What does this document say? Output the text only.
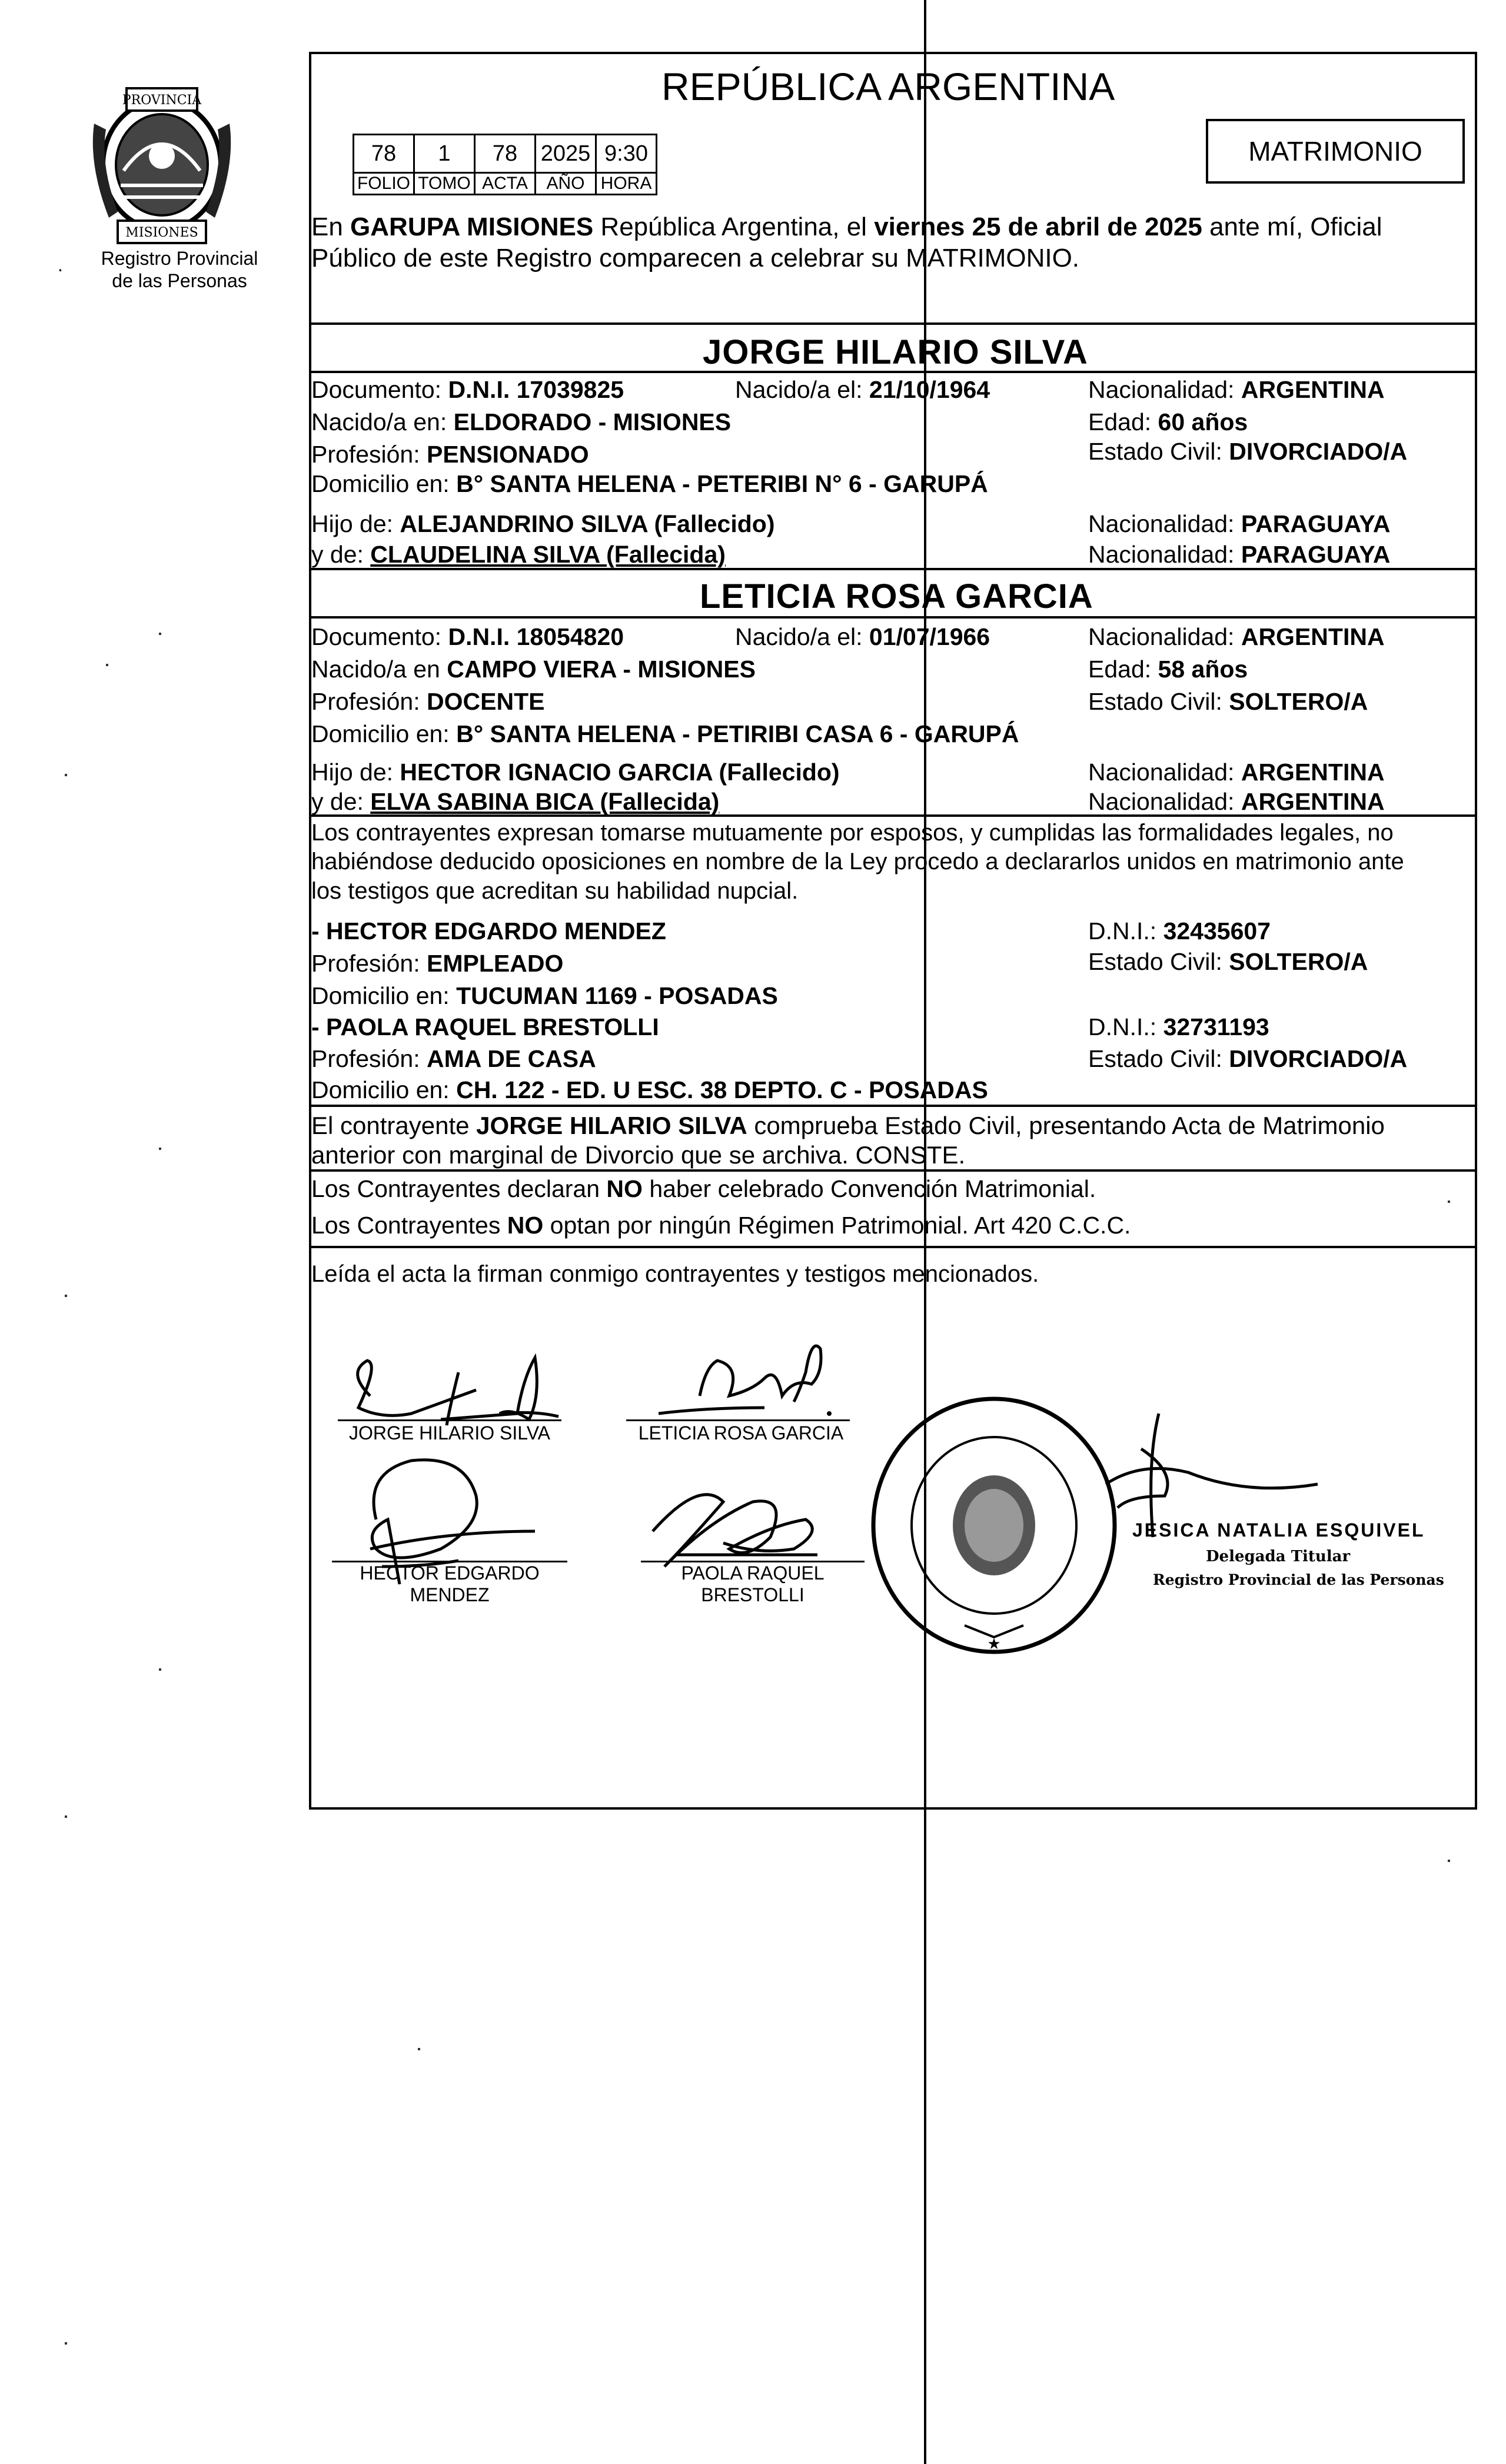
PROVINCIA
MISIONES
Registro Provincial
de las Personas
.
REPÚBLICA ARGENTINA
78	1	78	2025	9:30
FOLIO	TOMO	ACTA	AÑO	HORA
MATRIMONIO
En GARUPA MISIONES República Argentina, el viernes 25 de abril de 2025 ante mí, Oficial
Público de este Registro comparecen a celebrar su MATRIMONIO.
JORGE HILARIO SILVA
Documento: D.N.I. 17039825	Nacido/a el: 21/10/1964	Nacionalidad: ARGENTINA
Nacido/a en: ELDORADO - MISIONES	Edad: 60 años
Profesión: PENSIONADO	Estado Civil: DIVORCIADO/A
Domicilio en: B° SANTA HELENA - PETERIBI N° 6 - GARUPÁ
Hijo de: ALEJANDRINO SILVA (Fallecido)	Nacionalidad: PARAGUAYA
y de: CLAUDELINA SILVA (Fallecida)	Nacionalidad: PARAGUAYA
LETICIA ROSA GARCIA
Documento: D.N.I. 18054820	Nacido/a el: 01/07/1966	Nacionalidad: ARGENTINA
Nacido/a en CAMPO VIERA - MISIONES	Edad: 58 años
Profesión: DOCENTE	Estado Civil: SOLTERO/A
Domicilio en: B° SANTA HELENA - PETIRIBI CASA 6 - GARUPÁ
Hijo de: HECTOR IGNACIO GARCIA (Fallecido)	Nacionalidad: ARGENTINA
y de: ELVA SABINA BICA (Fallecida)	Nacionalidad: ARGENTINA
Los contrayentes expresan tomarse mutuamente por esposos, y cumplidas las formalidades legales, no
habiéndose deducido oposiciones en nombre de la Ley procedo a declararlos unidos en matrimonio ante
los testigos que acreditan su habilidad nupcial.
- HECTOR EDGARDO MENDEZ	D.N.I.: 32435607
Profesión: EMPLEADO	Estado Civil: SOLTERO/A
Domicilio en: TUCUMAN 1169 - POSADAS
- PAOLA RAQUEL BRESTOLLI	D.N.I.: 32731193
Profesión: AMA DE CASA	Estado Civil: DIVORCIADO/A
Domicilio en: CH. 122 - ED. U ESC. 38 DEPTO. C - POSADAS
El contrayente JORGE HILARIO SILVA comprueba Estado Civil, presentando Acta de Matrimonio
anterior con marginal de Divorcio que se archiva. CONSTE.
Los Contrayentes declaran NO haber celebrado Convención Matrimonial.
Los Contrayentes NO optan por ningún Régimen Patrimonial. Art 420 C.C.C.
Leída el acta la firman conmigo contrayentes y testigos mencionados.
JORGE HILARIO SILVA	LETICIA ROSA GARCIA
HECTOR EDGARDO
MENDEZ
PAOLA RAQUEL
BRESTOLLI
★
JESICA NATALIA ESQUIVEL
Delegada Titular
Registro Provincial de las Personas
